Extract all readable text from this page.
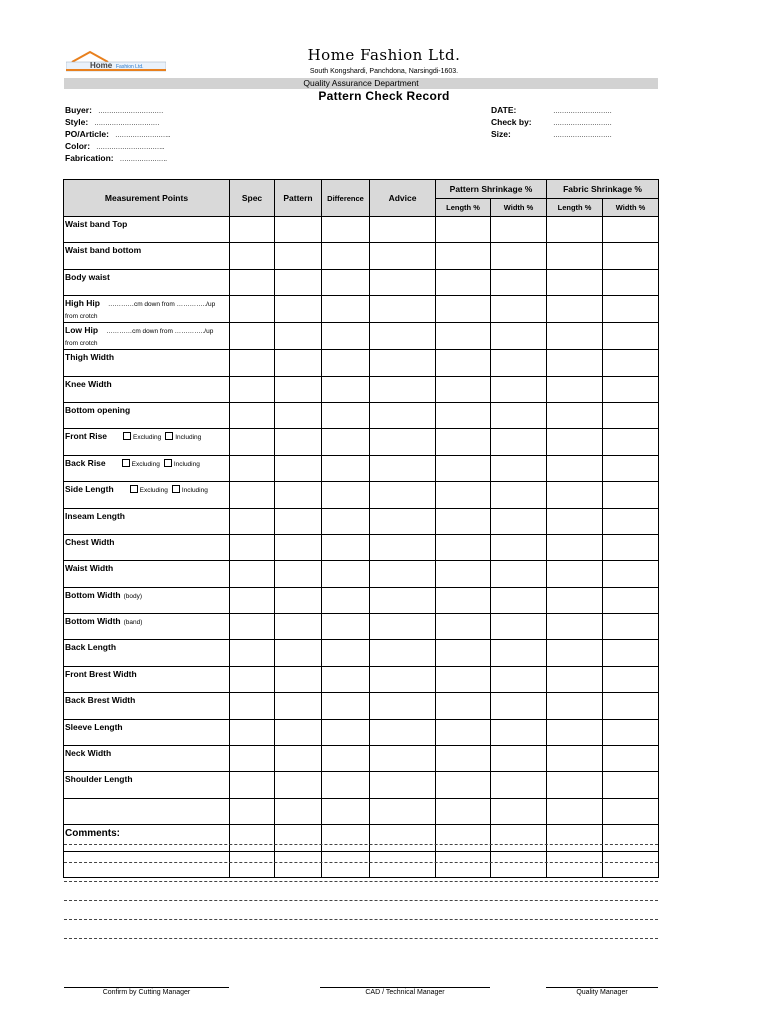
Home Fashion Ltd.
Home Fashion Ltd.
South Kongshardi, Panchdona, Narsingdi-1603.
Quality Assurance Department
Pattern Check Record
Buyer: …………………………
Style: …………………………
PO/Article: ……………………..
Color: …………………………..
Fabrication: ………………….
DATE:	………………………
Check by:	………………………
Size:	………………………
Measurement Points	Spec	Pattern	Difference	Advice	Pattern Shrinkage %		Fabric Shrinkage %	
					Length %	Width %	Length %	Width %
Waist band Top								
Waist band bottom								
Body waist								
High Hip …………cm down from …………../up
from crotch								
Low Hip …………cm down from …………../up
from crotch								
Thigh Width								
Knee Width								
Bottom opening								
Front Rise Excluding Including								
Back Rise Excluding Including								
Side Length Excluding Including								
Inseam Length								
Chest Width								
Waist Width								
Bottom Width (body)								
Bottom Width (band)								
Back Length								
Front Brest Width								
Back Brest Width								
Sleeve Length								
Neck Width								
Shoulder Length								

Comments:
Confirm by Cutting Manager	CAD / Technical Manager	Quality Manager
